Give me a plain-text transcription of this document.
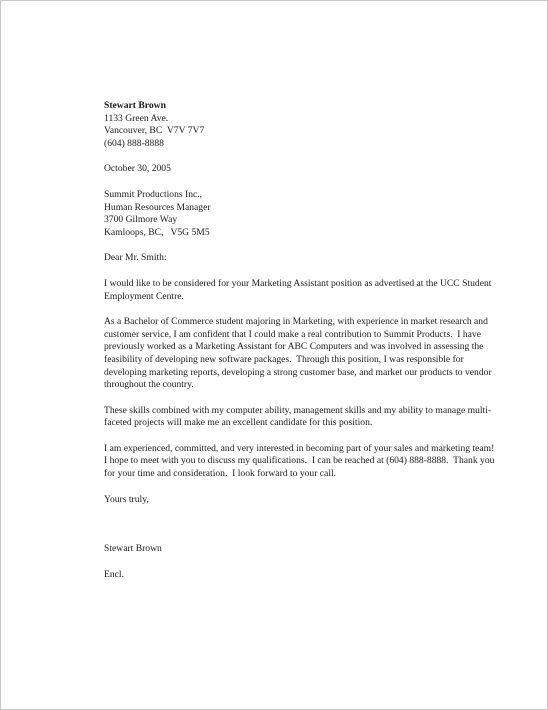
Stewart Brown
1133 Green Ave.
Vancouver, BC  V7V 7V7
(604) 888-8888
October 30, 2005
Summit Productions Inc.,
Human Resources Manager
3700 Gilmore Way
Kamloops, BC,   V5G 5M5
Dear Mr. Smith:
I would like to be considered for your Marketing Assistant position as advertised at the UCC Student
Employment Centre.
As a Bachelor of Commerce student majoring in Marketing, with experience in market research and
customer service, I am confident that I could make a real contribution to Summit Products.  I have
previously worked as a Marketing Assistant for ABC Computers and was involved in assessing the
feasibility of developing new software packages.  Through this position, I was responsible for
developing marketing reports, developing a strong customer base, and market our products to vendor
throughout the country.
These skills combined with my computer ability, management skills and my ability to manage multi-
faceted projects will make me an excellent candidate for this position.
I am experienced, committed, and very interested in becoming part of your sales and marketing team!
I hope to meet with you to discuss my qualifications.  I can be reached at (604) 888-8888.  Thank you
for your time and consideration.  I look forward to your call.
Yours truly,
Stewart Brown
Encl.
